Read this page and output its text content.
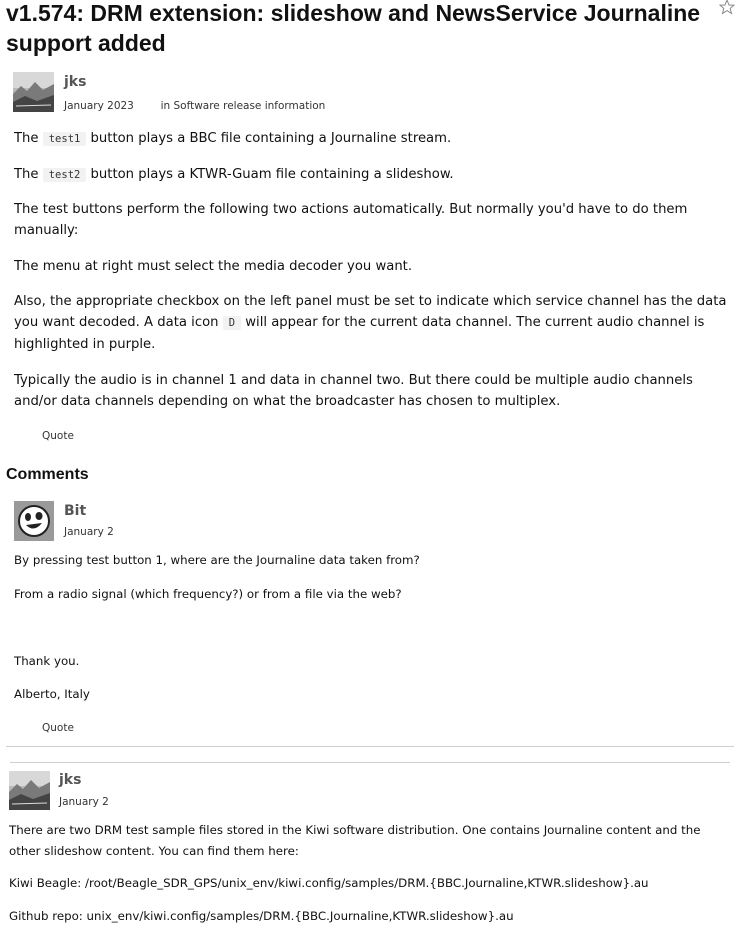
v1.574: DRM extension: slideshow and NewsService Journaline support added
jks
January 2023	in Software release information

The test1 button plays a BBC file containing a Journaline stream.

The test2 button plays a KTWR-Guam file containing a slideshow.

The test buttons perform the following two actions automatically. But normally you'd have to do them manually:

The menu at right must select the media decoder you want.

Also, the appropriate checkbox on the left panel must be set to indicate which service channel has the data you want decoded. A data icon D will appear for the current data channel. The current audio channel is highlighted in purple.

Typically the audio is in channel 1 and data in channel two. But there could be multiple audio channels and/or data channels depending on what the broadcaster has chosen to multiplex.

Quote
Comments
Bit
January 2

By pressing test button 1, where are the Journaline data taken from?

From a radio signal (which frequency?) or from a file via the web?

Thank you.

Alberto, Italy

Quote
jks
January 2

There are two DRM test sample files stored in the Kiwi software distribution. One contains Journaline content and the other slideshow content. You can find them here:

Kiwi Beagle: /root/Beagle_SDR_GPS/unix_env/kiwi.config/samples/DRM.{BBC.Journaline,KTWR.slideshow}.au

Github repo: unix_env/kiwi.config/samples/DRM.{BBC.Journaline,KTWR.slideshow}.au
